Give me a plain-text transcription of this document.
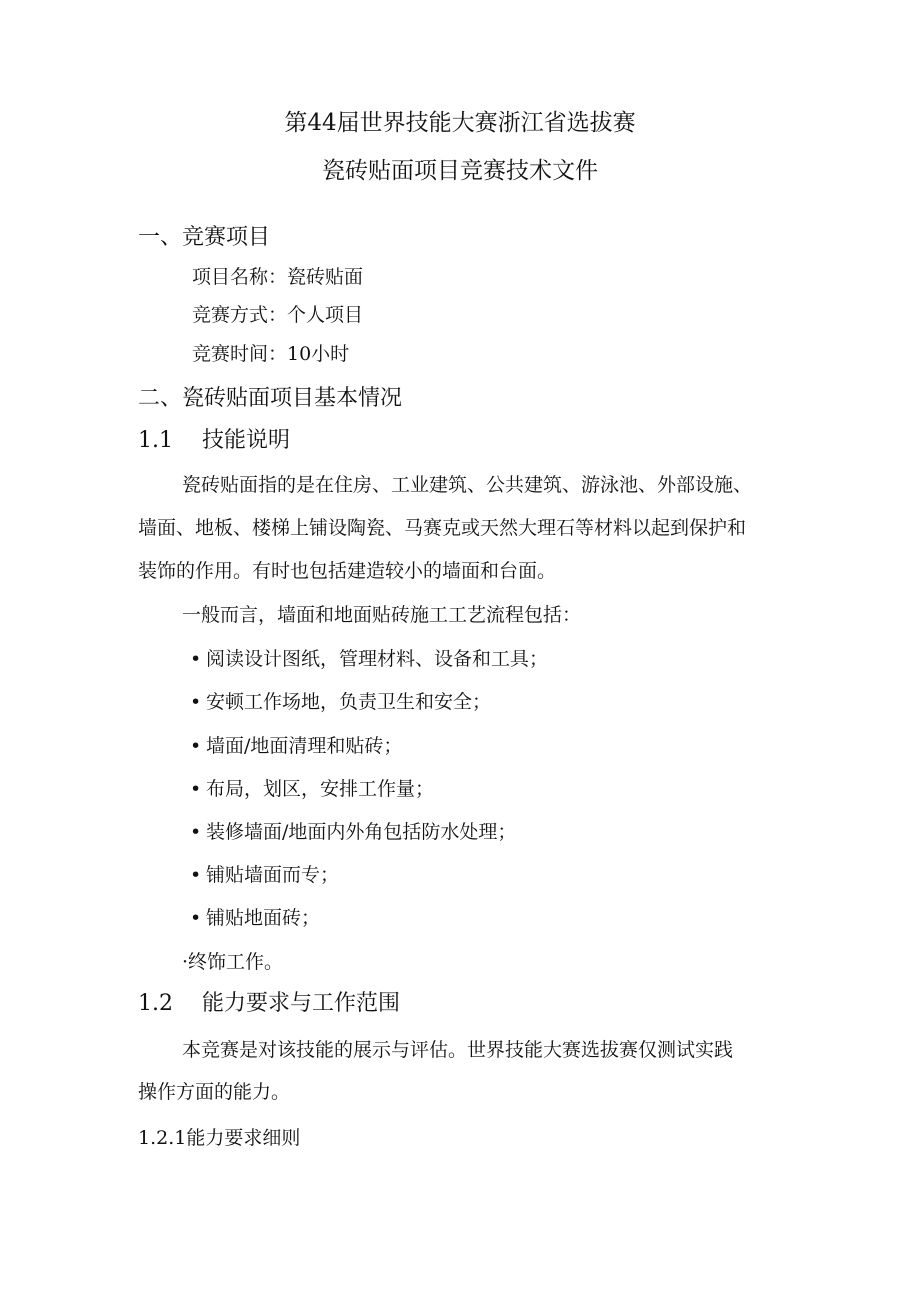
第44届世界技能大赛浙江省选拔赛
瓷砖贴面项目竞赛技术文件
一、竞赛项目
项目名称：瓷砖贴面
竞赛方式：个人项目
竞赛时间：10小时
二、瓷砖贴面项目基本情况
1.1 技能说明
瓷砖贴面指的是在住房、工业建筑、公共建筑、游泳池、外部设施、
墙面、地板、楼梯上铺设陶瓷、马赛克或天然大理石等材料以起到保护和
装饰的作用。有时也包括建造较小的墙面和台面。
一般而言，墙面和地面贴砖施工工艺流程包括：
• 阅读设计图纸，管理材料、设备和工具；
• 安顿工作场地，负责卫生和安全；
• 墙面/地面清理和贴砖；
• 布局，划区，安排工作量；
• 装修墙面/地面内外角包括防水处理；
• 铺贴墙面而专；
• 铺贴地面砖；
·终饰工作。
1.2 能力要求与工作范围
本竞赛是对该技能的展示与评估。世界技能大赛选拔赛仅测试实践
操作方面的能力。
1.2.1能力要求细则
